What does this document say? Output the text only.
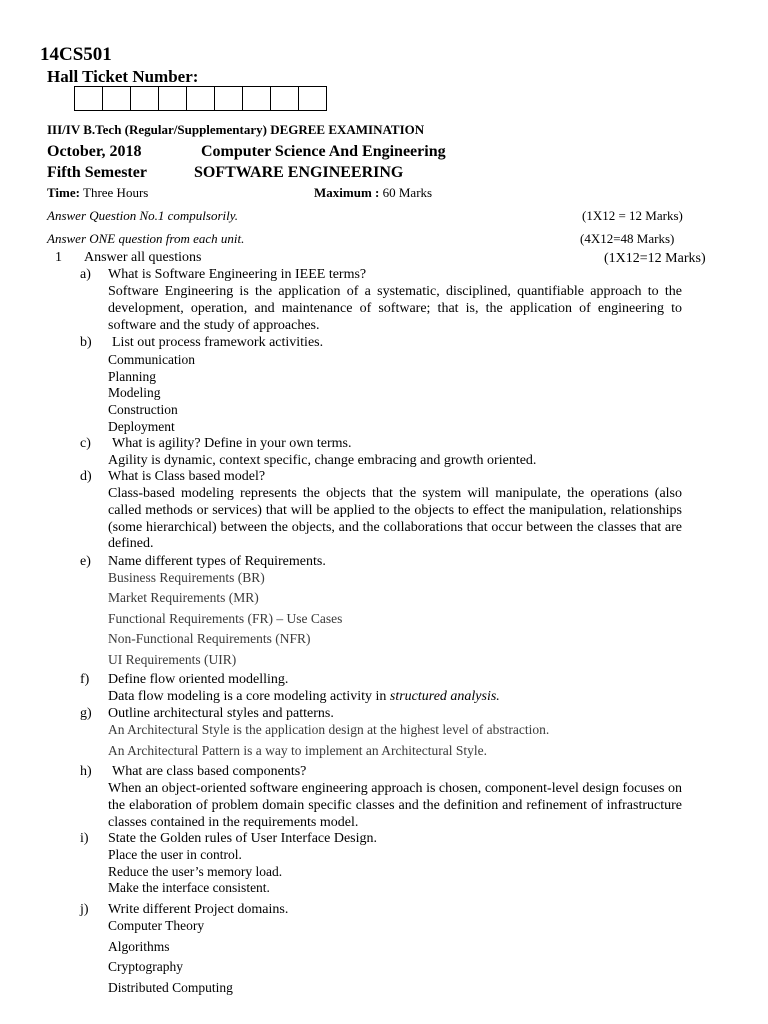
14CS501
Hall Ticket Number:
III/IV B.Tech (Regular/Supplementary) DEGREE EXAMINATION
October, 2018	Computer Science And Engineering
Fifth Semester	SOFTWARE ENGINEERING
Time: Three Hours	Maximum : 60 Marks
Answer Question No.1 compulsorily.	(1X12 = 12 Marks)
Answer ONE question from each unit.	(4X12=48 Marks)
1 Answer all questions	(1X12=12 Marks)
a) What is Software Engineering in IEEE terms?
Software Engineering is the application of a systematic, disciplined, quantifiable approach to the development, operation, and maintenance of software; that is, the application of engineering to software and the study of approaches.
b) List out process framework activities.
Communication
Planning
Modeling
Construction
Deployment
c) What is agility? Define in your own terms.
Agility is dynamic, context specific, change embracing and growth oriented.
d) What is Class based model?
Class-based modeling represents the objects that the system will manipulate, the operations (also called methods or services) that will be applied to the objects to effect the manipulation, relationships (some hierarchical) between the objects, and the collaborations that occur between the classes that are defined.
e) Name different types of Requirements.
Business Requirements (BR)
Market Requirements (MR)
Functional Requirements (FR) – Use Cases
Non-Functional Requirements (NFR)
UI Requirements (UIR)
f) Define flow oriented modelling.
Data flow modeling is a core modeling activity in structured analysis.
g) Outline architectural styles and patterns.
An Architectural Style is the application design at the highest level of abstraction.
An Architectural Pattern is a way to implement an Architectural Style.
h) What are class based components?
When an object-oriented software engineering approach is chosen, component-level design focuses on the elaboration of problem domain specific classes and the definition and refinement of infrastructure classes contained in the requirements model.
i) State the Golden rules of User Interface Design.
Place the user in control.
Reduce the user’s memory load.
Make the interface consistent.
j) Write different Project domains.
Computer Theory
Algorithms
Cryptography
Distributed Computing
